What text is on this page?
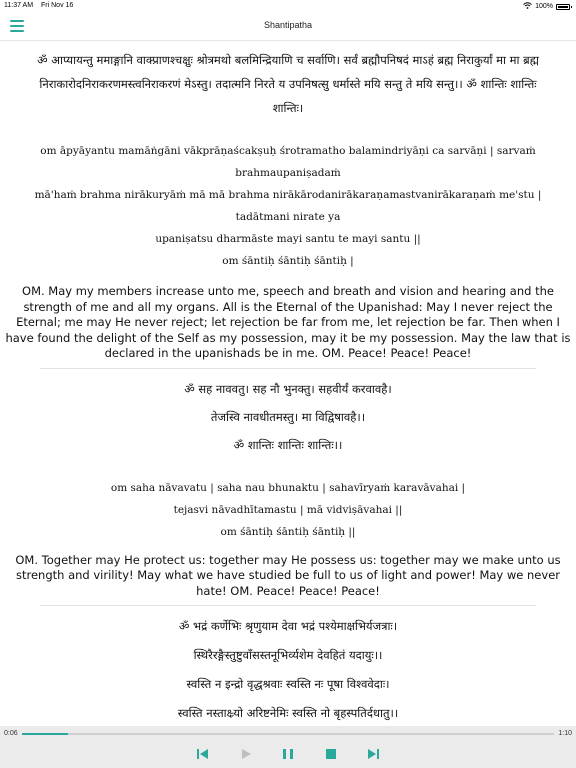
11:37 AM Fri Nov 16	100%
Shantipatha
ॐ आप्यायन्तु ममाङ्गानि वाक्प्राणश्चक्षुः श्रोत्रमथो बलमिन्द्रियाणि च सर्वाणि। सर्वं ब्रह्मौपनिषदं माऽहं ब्रह्म निराकुर्यां मा मा ब्रह्म
निराकारोदनिराकरणमस्त्वनिराकरणं मेऽस्तु। तदात्मनि निरते य उपनिषत्सु धर्मास्ते मयि सन्तु ते मयि सन्तु।। ॐ शान्तिः शान्तिः
शान्तिः।
om āpyāyantu mamāṅgāni vākprāṇaścakṣuḥ śrotramatho balamindriyāṇi ca sarvāṇi | sarvaṁ brahmaupaniṣadaṁ
mā'haṁ brahma nirākuryāṁ mā mā brahma nirākārodanirākaraṇamastvanirākaraṇaṁ me'stu | tadātmani nirate ya
upaniṣatsu dharmāste mayi santu te mayi santu ||
om śāntiḥ śāntiḥ śāntiḥ |

OM. May my members increase unto me, speech and breath and vision and hearing and the strength of me and all my organs. All is the Eternal of the Upanishad: May I never reject the Eternal; me may He never reject; let rejection be far from me, let rejection be far. Then when I have found the delight of the Self as my possession, may it be my possession. May the law that is declared in the upanishads be in me. OM. Peace! Peace! Peace!

ॐ सह नाववतु। सह नौ भुनक्तु। सहवीर्यं करवावहै।
तेजस्वि नावधीतमस्तु। मा विद्विषावहै।।
ॐ शान्तिः शान्तिः शान्तिः।।
om saha nāvavatu | saha nau bhunaktu | sahavīryaṁ karavāvahai |
tejasvi nāvadhītamastu | mā vidviṣāvahai ||
om śāntiḥ śāntiḥ śāntiḥ ||

OM. Together may He protect us: together may He possess us: together may we make unto us strength and virility! May what we have studied be full to us of light and power! May we never hate! OM. Peace! Peace! Peace!

ॐ भद्रं कर्णेभिः श्रृणुयाम देवा भद्रं पश्येमाक्षभिर्यजत्राः।
स्थिरैरङ्गैस्तुष्टुवाँसस्तनूभिर्व्यशेम देवहितं यदायुः।।
स्वस्ति न इन्द्रो वृद्धश्रवाः स्वस्ति नः पूषा विश्ववेदाः।
स्वस्ति नस्ताक्ष्र्यो अरिष्टनेमिः स्वस्ति नो बृहस्पतिर्दधातु।।
0:06	1:10
